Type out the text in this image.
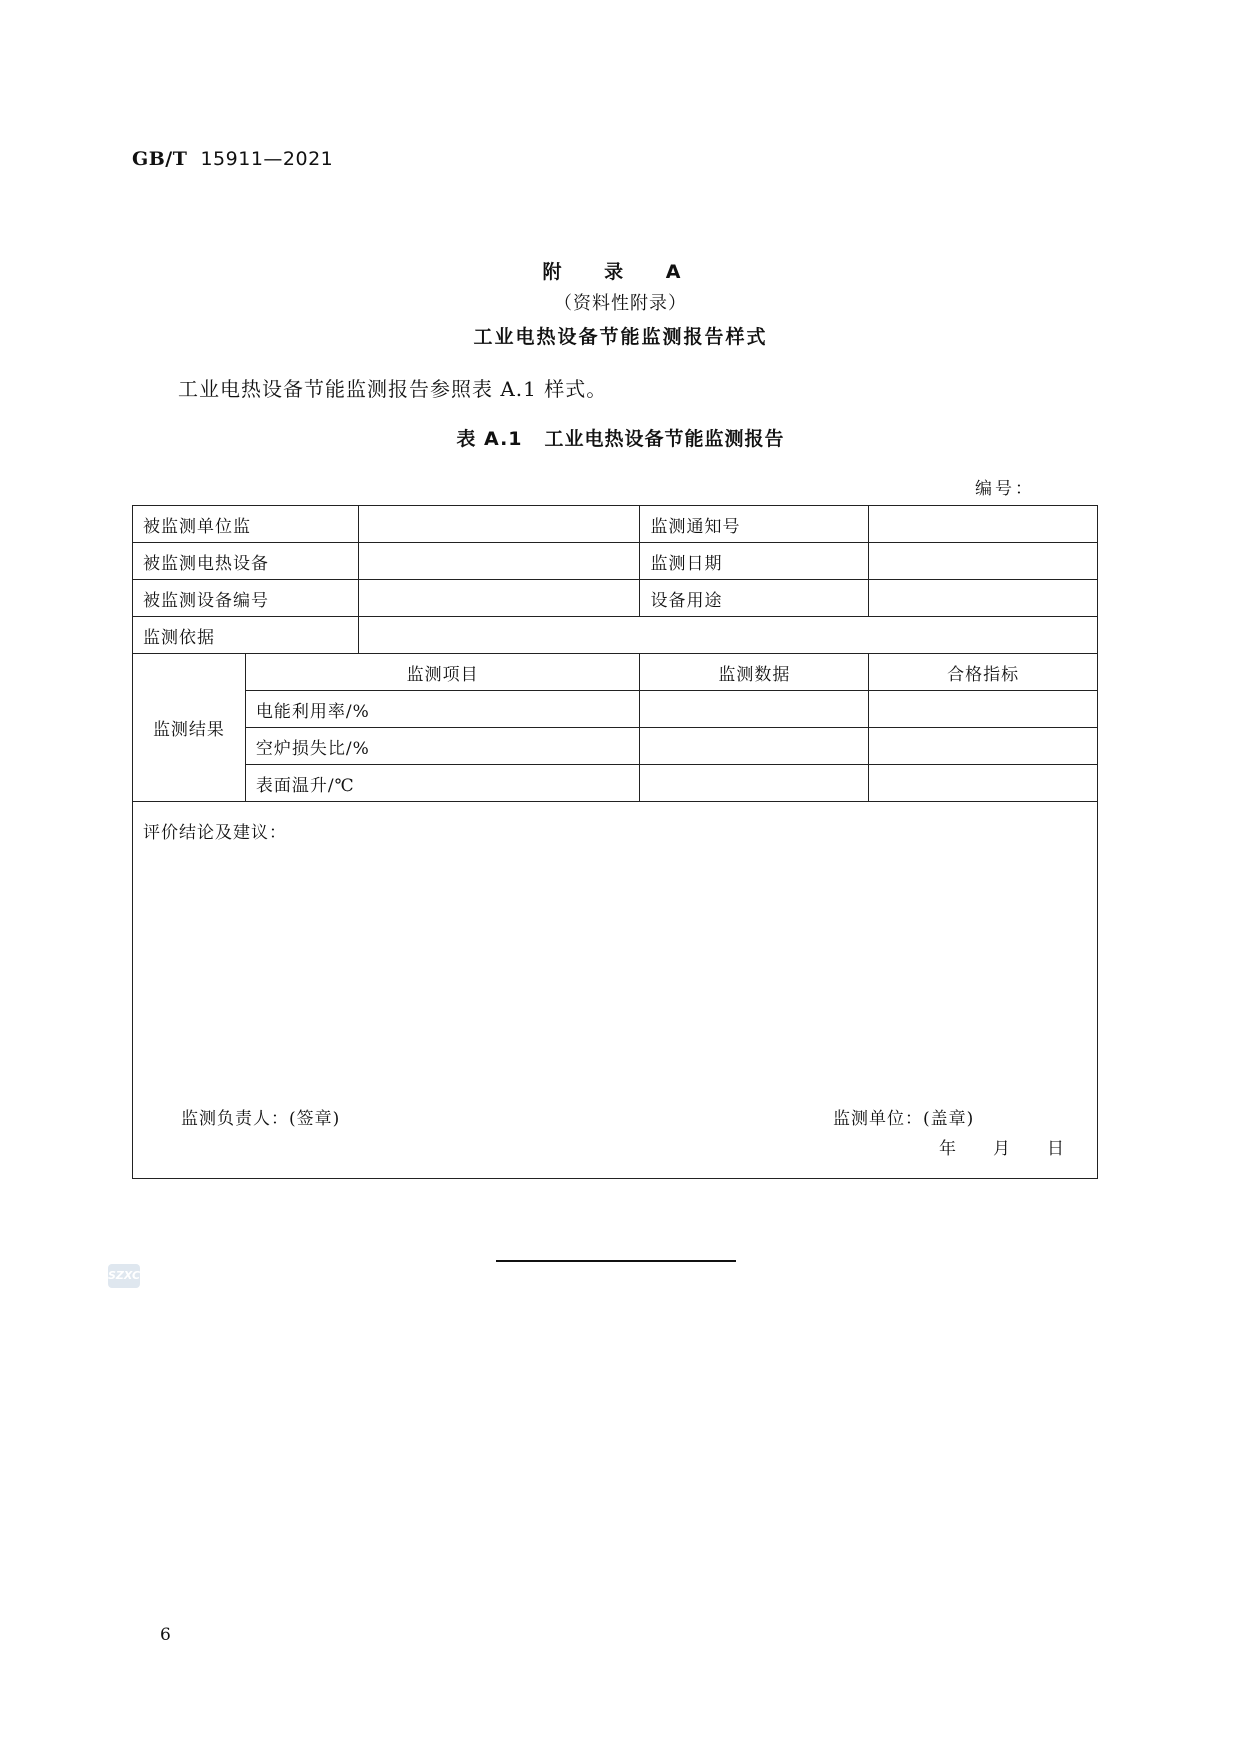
GB/T 15911—2021
附 录 A
（资料性附录）
工业电热设备节能监测报告样式
工业电热设备节能监测报告参照表 A.1 样式。
表 A.1 工业电热设备节能监测报告
编号：
被监测单位监			监测通知号	
被监测电热设备			监测日期	
被监测设备编号			设备用途	
监测依据				
监测结果	监测项目		监测数据	合格指标
	电能利用率/%			
	空炉损失比/%			
	表面温升/℃			

评价结论及建议：
监测负责人：(签章) 监测单位：(盖章)
年 月 日				
SZXC
6
